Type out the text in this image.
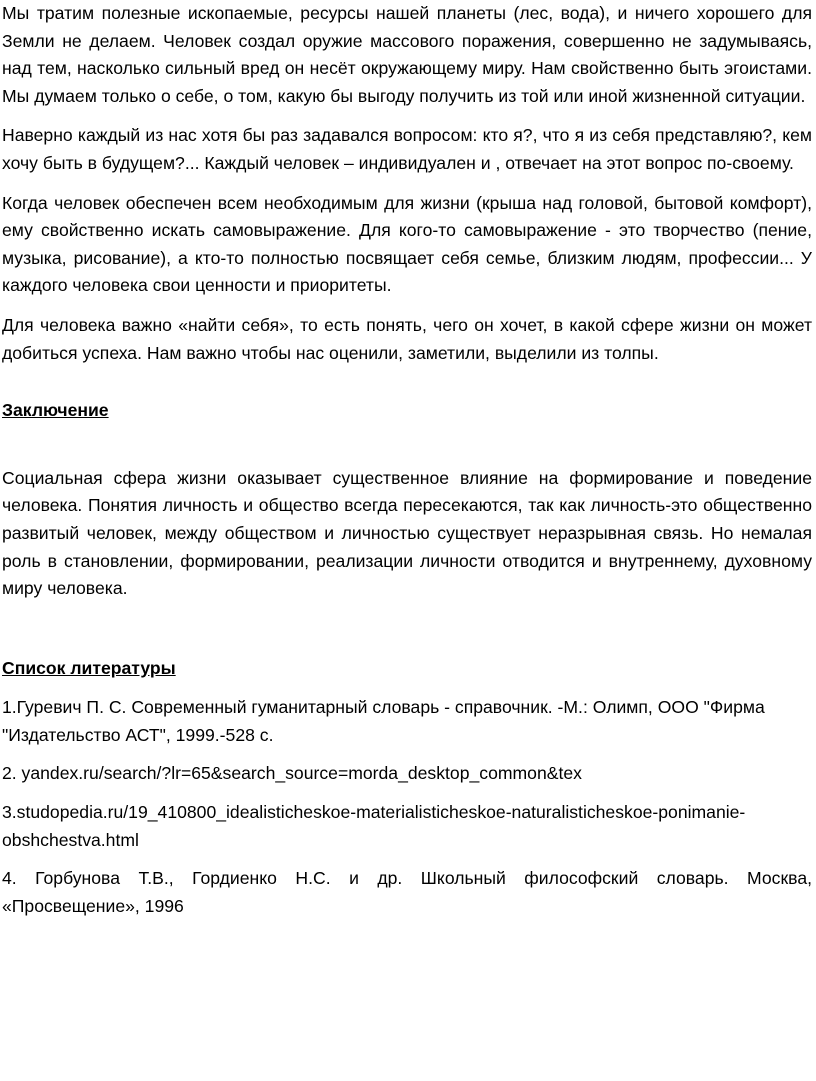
Мы тратим полезные ископаемые, ресурсы нашей планеты (лес, вода), и ничего хорошего для Земли не делаем. Человек создал оружие массового поражения, совершенно не задумываясь, над тем, насколько сильный вред он несёт окружающему миру. Нам свойственно быть эгоистами. Мы думаем только о себе, о том, какую бы выгоду получить из той или иной жизненной ситуации.

Наверно каждый из нас хотя бы раз задавался вопросом: кто я?, что я из себя представляю?, кем хочу быть в будущем?... Каждый человек – индивидуален и , отвечает на этот вопрос по-своему.

Когда человек обеспечен всем необходимым для жизни (крыша над головой, бытовой комфорт), ему свойственно искать самовыражение. Для кого-то самовыражение - это творчество (пение, музыка, рисование), а кто-то полностью посвящает себя семье, близким людям, профессии... У каждого человека свои ценности и приоритеты.

Для человека важно «найти себя», то есть понять, чего он хочет, в какой сфере жизни он может добиться успеха. Нам важно чтобы нас оценили, заметили, выделили из толпы.

Заключение

Социальная сфера жизни оказывает существенное влияние на формирование и поведение человека. Понятия личность и общество всегда пересекаются, так как личность-это общественно развитый человек, между обществом и личностью существует неразрывная связь. Но немалая роль в становлении, формировании, реализации личности отводится и внутреннему, духовному миру человека.

Список литературы

1.Гуревич П. С. Современный гуманитарный словарь - справочник. -М.: Олимп, ООО "Фирма "Издательство АСТ", 1999.-528 с.

2. yandex.ru/search/?lr=65&search_source=morda_desktop_common&tex

3.studopedia.ru/19_410800_idealisticheskoe-materialisticheskoe-naturalisticheskoe-ponimanie-obshchestva.html

4. Горбунова Т.В., Гордиенко Н.С. и др. Школьный философский словарь. Москва, «Просвещение», 1996
